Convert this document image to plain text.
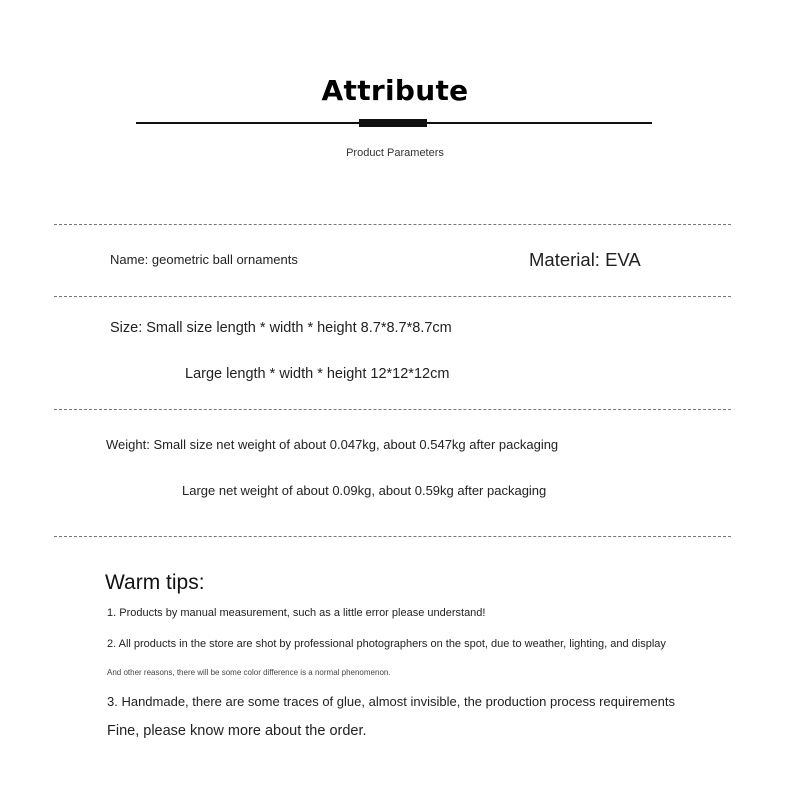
Attribute
Product Parameters
Name: geometric ball ornaments	Material: EVA
Size: Small size length * width * height 8.7*8.7*8.7cm
Large length * width * height 12*12*12cm
Weight: Small size net weight of about 0.047kg, about 0.547kg after packaging
Large net weight of about 0.09kg, about 0.59kg after packaging
Warm tips:
1. Products by manual measurement, such as a little error please understand!
2. All products in the store are shot by professional photographers on the spot, due to weather, lighting, and display
And other reasons, there will be some color difference is a normal phenomenon.
3. Handmade, there are some traces of glue, almost invisible, the production process requirements
Fine, please know more about the order.
